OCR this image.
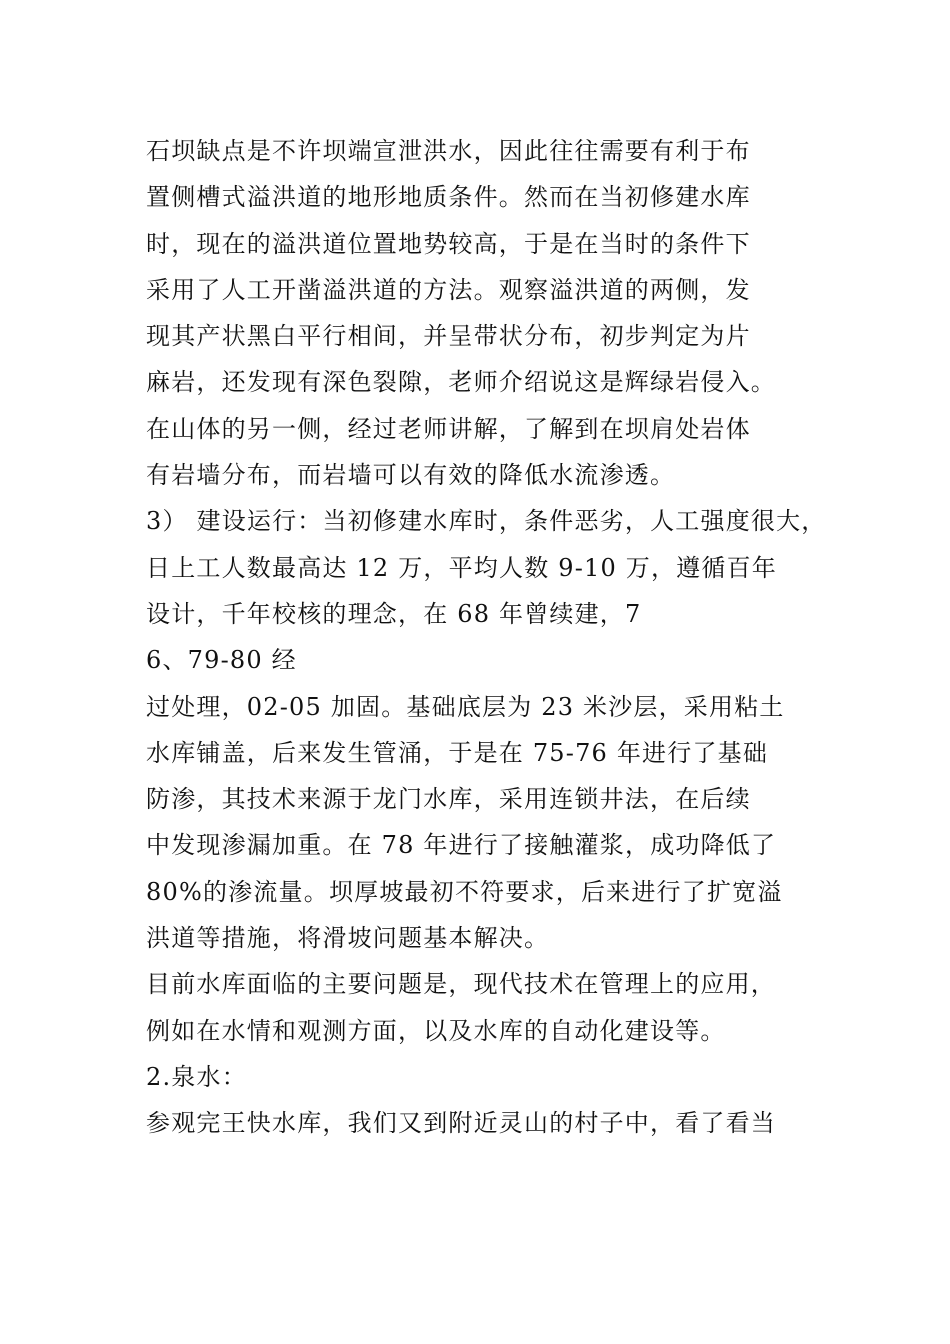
石坝缺点是不许坝端宣泄洪水，因此往往需要有利于布
置侧槽式溢洪道的地形地质条件。然而在当初修建水库
时，现在的溢洪道位置地势较高，于是在当时的条件下
采用了人工开凿溢洪道的方法。观察溢洪道的两侧，发
现其产状黑白平行相间，并呈带状分布，初步判定为片
麻岩，还发现有深色裂隙，老师介绍说这是辉绿岩侵入。
在山体的另一侧，经过老师讲解，了解到在坝肩处岩体
有岩墙分布，而岩墙可以有效的降低水流渗透。
3） 建设运行：当初修建水库时，条件恶劣，人工强度很大，
日上工人数最高达 12 万，平均人数 9-10 万，遵循百年
设计，千年校核的理念，在 68 年曾续建，7
6、79-80 经
过处理，02-05 加固。基础底层为 23 米沙层，采用粘土
水库铺盖，后来发生管涌，于是在 75-76 年进行了基础
防渗，其技术来源于龙门水库，采用连锁井法，在后续
中发现渗漏加重。在 78 年进行了接触灌浆，成功降低了
80%的渗流量。坝厚坡最初不符要求，后来进行了扩宽溢
洪道等措施，将滑坡问题基本解决。
目前水库面临的主要问题是，现代技术在管理上的应用，
例如在水情和观测方面，以及水库的自动化建设等。
2.泉水：
参观完王快水库，我们又到附近灵山的村子中，看了看当
